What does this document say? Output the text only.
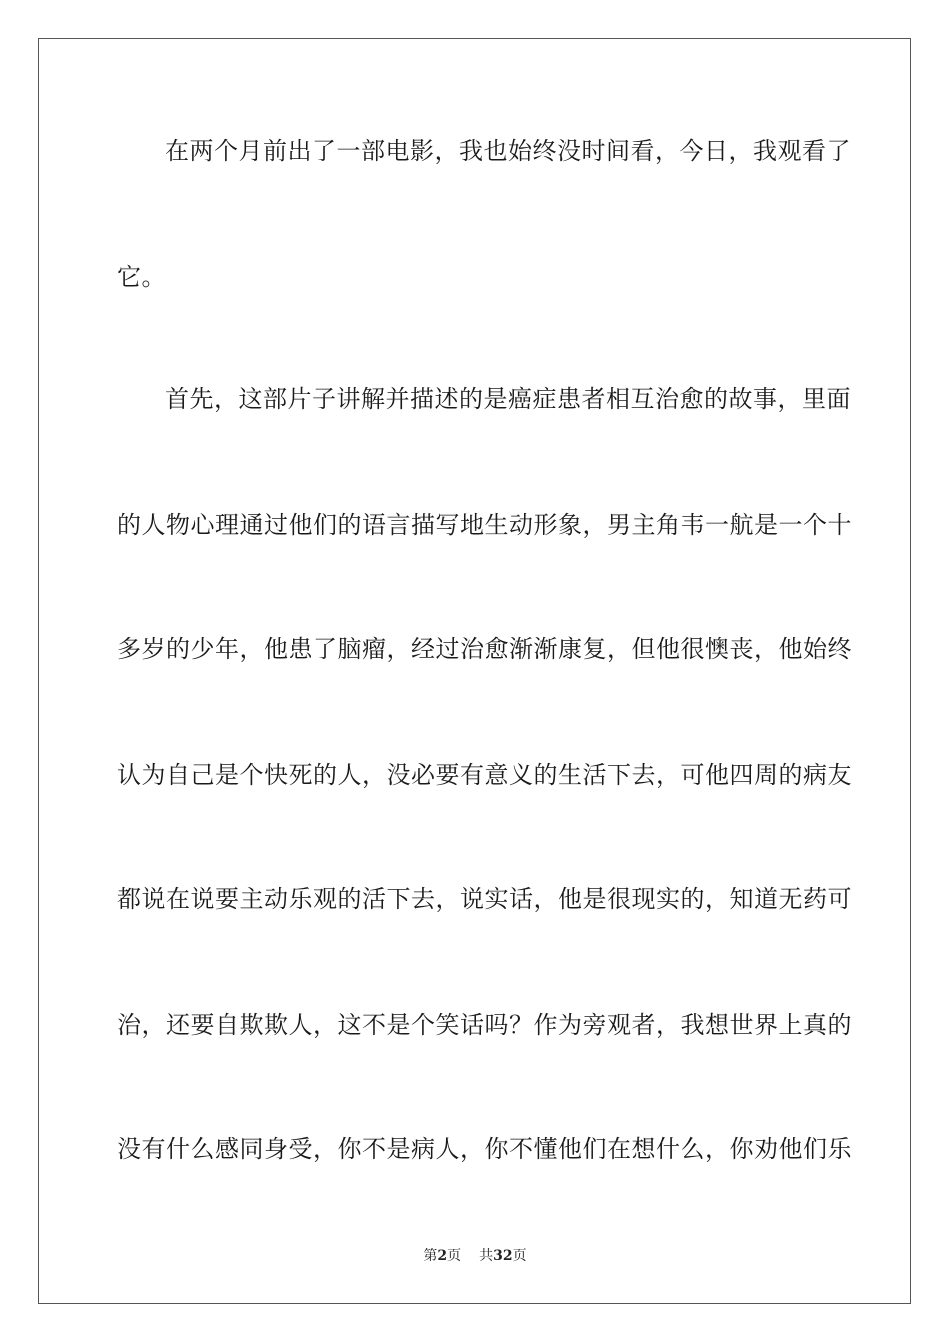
在两个月前出了一部电影，我也始终没时间看，今日，我观看了
它。
首先，这部片子讲解并描述的是癌症患者相互治愈的故事，里面
的人物心理通过他们的语言描写地生动形象，男主角韦一航是一个十
多岁的少年，他患了脑瘤，经过治愈渐渐康复，但他很懊丧，他始终
认为自己是个快死的人，没必要有意义的生活下去，可他四周的病友
都说在说要主动乐观的活下去，说实话，他是很现实的，知道无药可
治，还要自欺欺人，这不是个笑话吗？作为旁观者，我想世界上真的
没有什么感同身受，你不是病人，你不懂他们在想什么，你劝他们乐
第2页 共32页
